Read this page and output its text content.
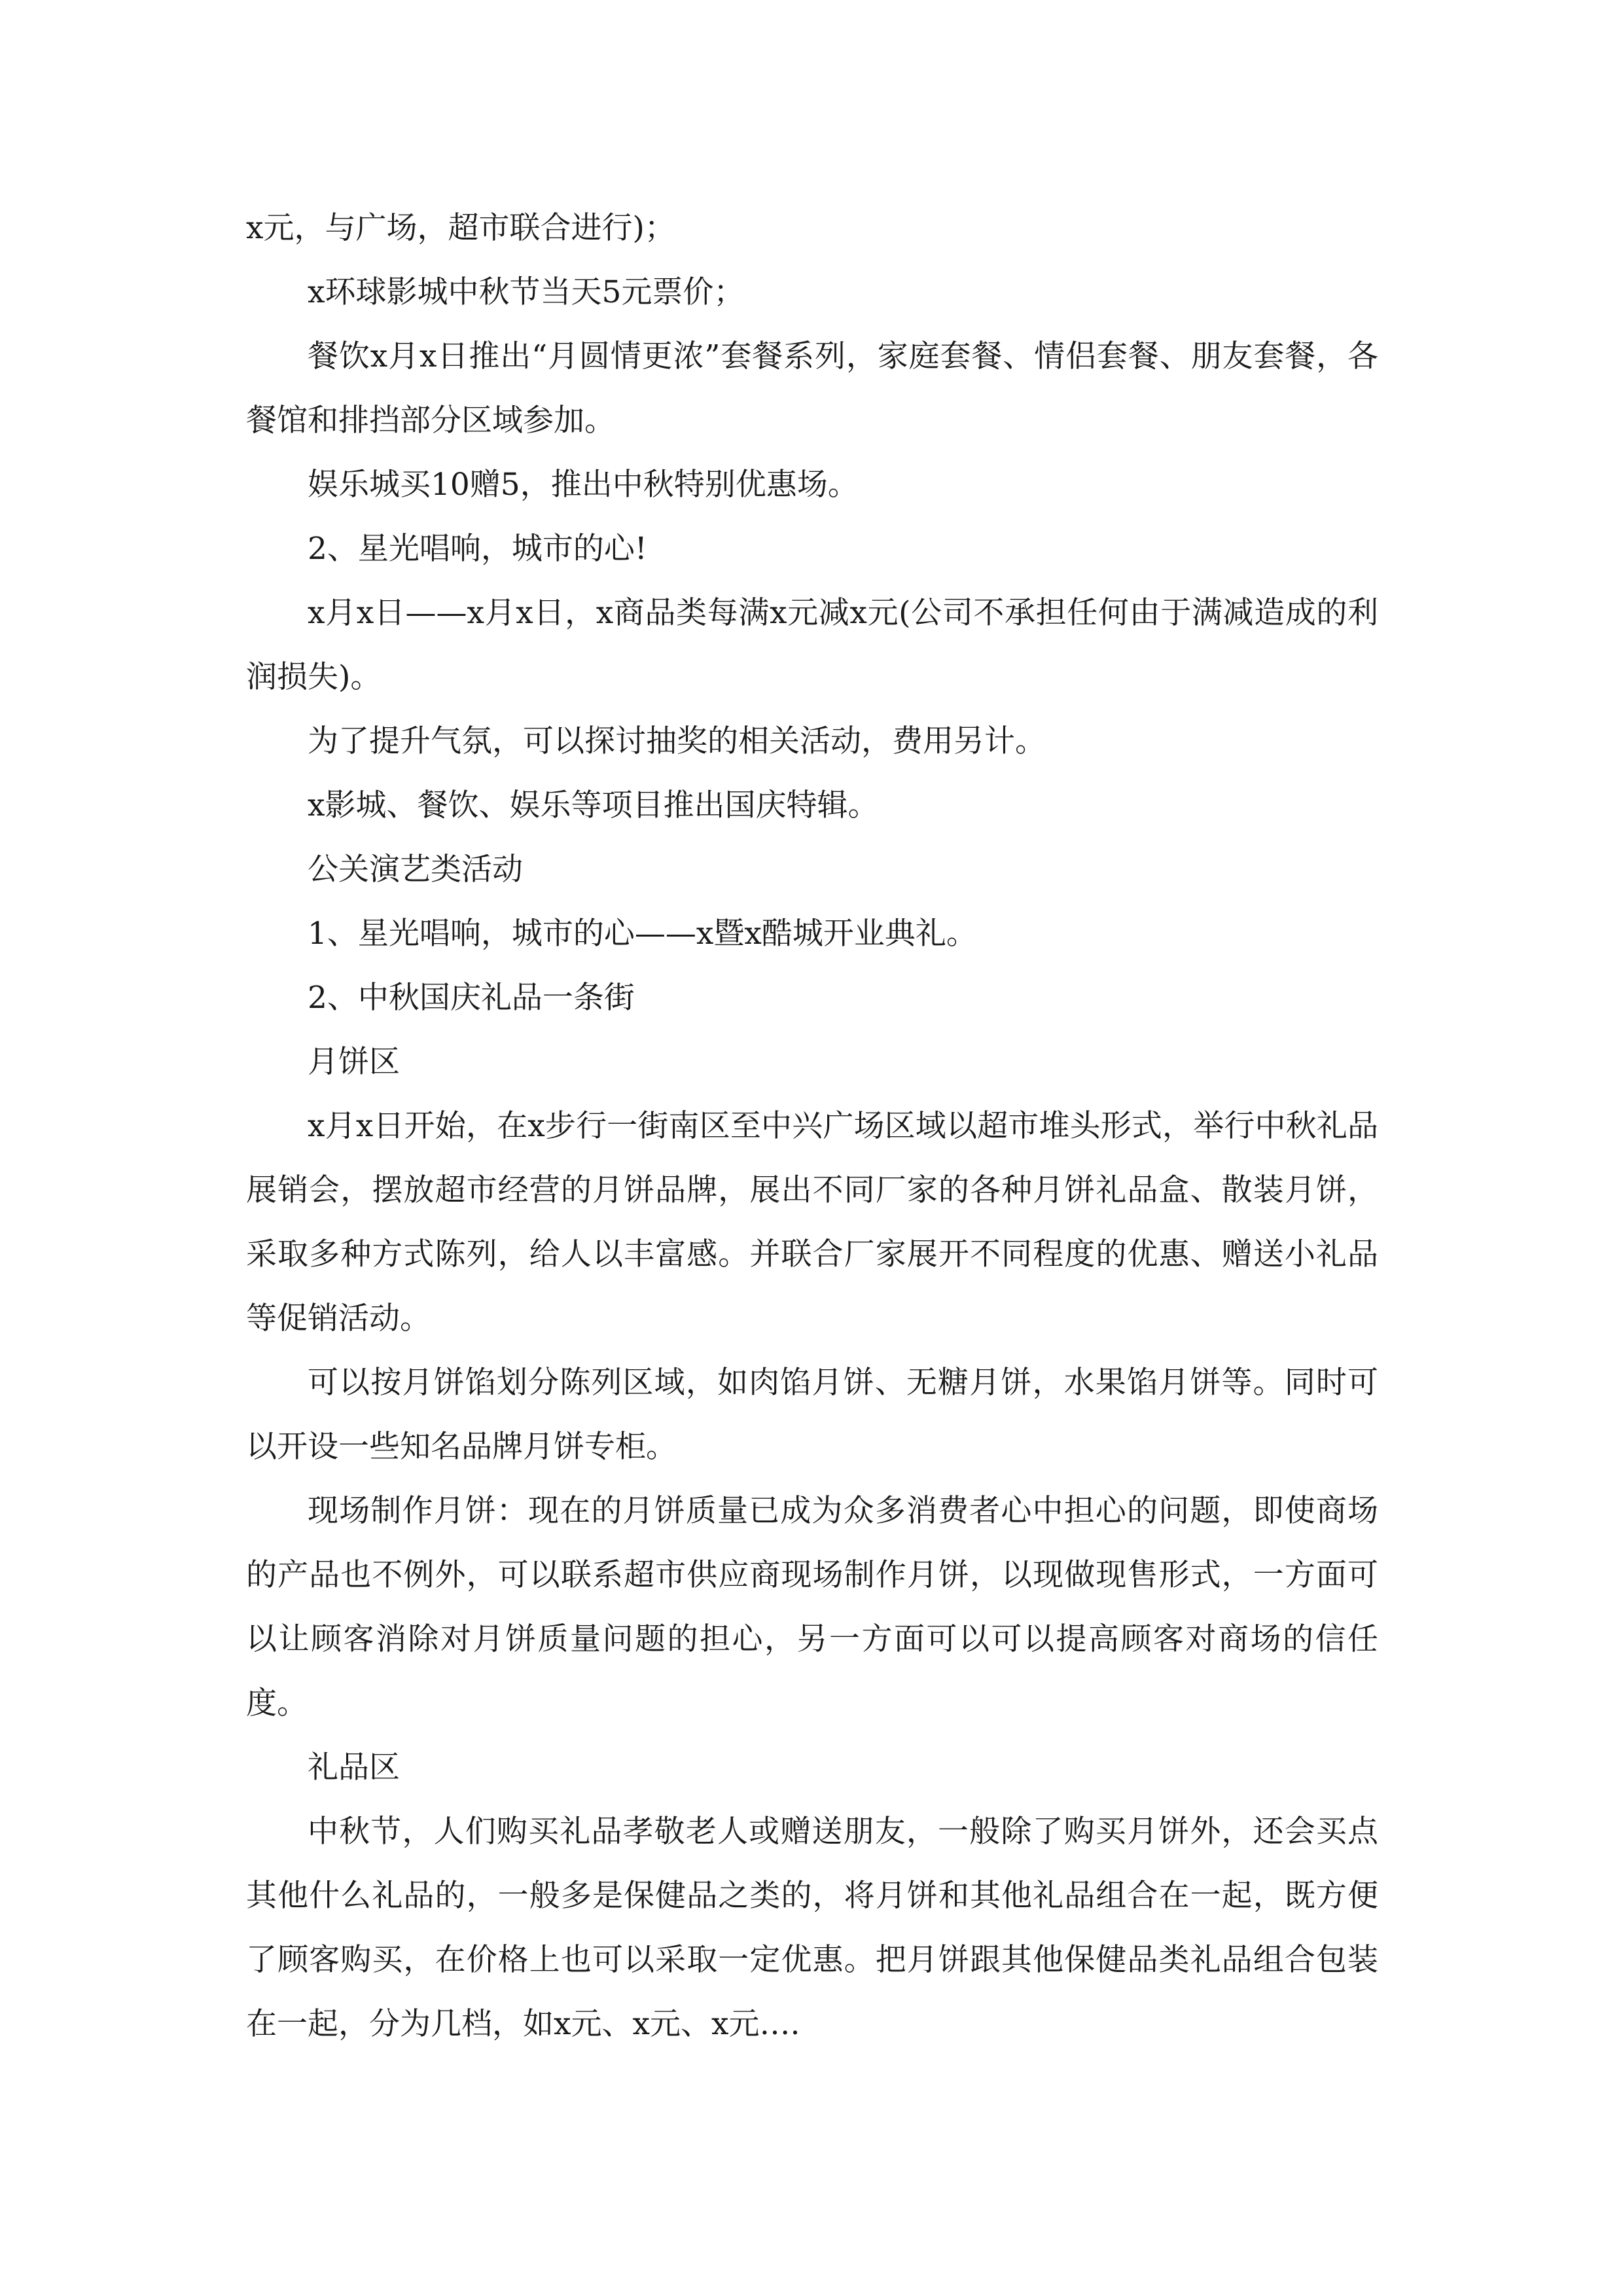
x元，与广场，超市联合进行)；

x环球影城中秋节当天5元票价；

餐饮x月x日推出“月圆情更浓”套餐系列，家庭套餐、情侣套餐、朋友套餐，各餐馆和排挡部分区域参加。

娱乐城买10赠5，推出中秋特别优惠场。

2、星光唱响，城市的心!

x月x日——x月x日，x商品类每满x元减x元(公司不承担任何由于满减造成的利润损失)。

为了提升气氛，可以探讨抽奖的相关活动，费用另计。

x影城、餐饮、娱乐等项目推出国庆特辑。

公关演艺类活动

1、星光唱响，城市的心——x暨x酷城开业典礼。

2、中秋国庆礼品一条街

月饼区

x月x日开始，在x步行一街南区至中兴广场区域以超市堆头形式，举行中秋礼品展销会，摆放超市经营的月饼品牌，展出不同厂家的各种月饼礼品盒、散装月饼，采取多种方式陈列，给人以丰富感。并联合厂家展开不同程度的优惠、赠送小礼品等促销活动。

可以按月饼馅划分陈列区域，如肉馅月饼、无糖月饼，水果馅月饼等。同时可以开设一些知名品牌月饼专柜。

现场制作月饼：现在的月饼质量已成为众多消费者心中担心的问题，即使商场的产品也不例外，可以联系超市供应商现场制作月饼，以现做现售形式，一方面可以让顾客消除对月饼质量问题的担心，另一方面可以可以提高顾客对商场的信任度。

礼品区

中秋节，人们购买礼品孝敬老人或赠送朋友，一般除了购买月饼外，还会买点其他什么礼品的，一般多是保健品之类的，将月饼和其他礼品组合在一起，既方便了顾客购买，在价格上也可以采取一定优惠。把月饼跟其他保健品类礼品组合包装在一起，分为几档，如x元、x元、x元….
